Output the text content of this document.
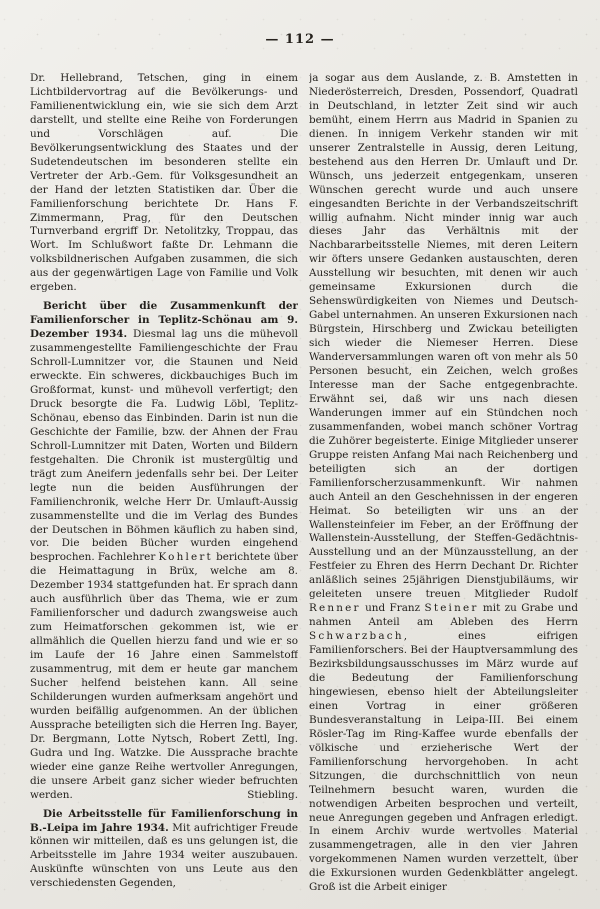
— 112 —

Dr. Hellebrand, Tetschen, ging in einem Lichtbildervortrag auf die Bevölkerungs- und Familienentwicklung ein, wie sie sich dem Arzt darstellt, und stellte eine Reihe von Forderungen und Vorschlägen auf. Die Bevölkerungsentwicklung des Staates und der Sudetendeutschen im besonderen stellte ein Vertreter der Arb.-Gem. für Volksgesundheit an der Hand der letzten Statistiken dar. Über die Familienforschung berichtete Dr. Hans F. Zimmermann, Prag, für den Deutschen Turnverband ergriff Dr. Netolitzky, Troppau, das Wort. Im Schlußwort faßte Dr. Lehmann die volksbildnerischen Aufgaben zusammen, die sich aus der gegenwärtigen Lage von Familie und Volk ergeben.

Bericht über die Zusammenkunft der Familienforscher in Teplitz-Schönau am 9. Dezember 1934. Diesmal lag uns die mühevoll zusammengestellte Familiengeschichte der Frau Schroll-Lumnitzer vor, die Staunen und Neid erweckte. Ein schweres, dickbauchiges Buch im Großformat, kunst- und mühevoll verfertigt; den Druck besorgte die Fa. Ludwig Löbl, Teplitz-Schönau, ebenso das Einbinden. Darin ist nun die Geschichte der Familie, bzw. der Ahnen der Frau Schroll-Lumnitzer mit Daten, Worten und Bildern festgehalten. Die Chronik ist mustergültig und trägt zum Aneifern jedenfalls sehr bei. Der Leiter legte nun die beiden Ausführungen der Familienchronik, welche Herr Dr. Umlauft-Aussig zusammenstellte und die im Verlag des Bundes der Deutschen in Böhmen käuflich zu haben sind, vor. Die beiden Bücher wurden eingehend besprochen. Fachlehrer Kohlert berichtete über die Heimattagung in Brüx, welche am 8. Dezember 1934 stattgefunden hat. Er sprach dann auch ausführlich über das Thema, wie er zum Familienforscher und dadurch zwangsweise auch zum Heimatforschen gekommen ist, wie er allmählich die Quellen hierzu fand und wie er so im Laufe der 16 Jahre einen Sammelstoff zusammentrug, mit dem er heute gar manchem Sucher helfend beistehen kann. All seine Schilderungen wurden aufmerksam angehört und wurden beifällig aufgenommen. An der üblichen Aussprache beteiligten sich die Herren Ing. Bayer, Dr. Bergmann, Lotte Nytsch, Robert Zettl, Ing. Gudra und Ing. Watzke. Die Aussprache brachte wieder eine ganze Reihe wertvoller Anregungen, die unsere Arbeit ganz sicher wieder befruchten werden.	Stiebling.

Die Arbeitsstelle für Familienforschung in B.-Leipa im Jahre 1934. Mit aufrichtiger Freude können wir mitteilen, daß es uns gelungen ist, die Arbeitsstelle im Jahre 1934 weiter auszubauen. Auskünfte wünschten von uns Leute aus den verschiedensten Gegenden,

ja sogar aus dem Auslande, z. B. Amstetten in Niederösterreich, Dresden, Possendorf, Quadratl in Deutschland, in letzter Zeit sind wir auch bemüht, einem Herrn aus Madrid in Spanien zu dienen. In innigem Verkehr standen wir mit unserer Zentralstelle in Aussig, deren Leitung, bestehend aus den Herren Dr. Umlauft und Dr. Wünsch, uns jederzeit entgegenkam, unseren Wünschen gerecht wurde und auch unsere eingesandten Berichte in der Verbandszeitschrift willig aufnahm. Nicht minder innig war auch dieses Jahr das Verhältnis mit der Nachbararbeitsstelle Niemes, mit deren Leitern wir öfters unsere Gedanken austauschten, deren Ausstellung wir besuchten, mit denen wir auch gemeinsame Exkursionen durch die Sehenswürdigkeiten von Niemes und Deutsch-Gabel unternahmen. An unseren Exkursionen nach Bürgstein, Hirschberg und Zwickau beteiligten sich wieder die Niemeser Herren. Diese Wanderversammlungen waren oft von mehr als 50 Personen besucht, ein Zeichen, welch großes Interesse man der Sache entgegenbrachte. Erwähnt sei, daß wir uns nach diesen Wanderungen immer auf ein Stündchen noch zusammenfanden, wobei manch schöner Vortrag die Zuhörer begeisterte. Einige Mitglieder unserer Gruppe reisten Anfang Mai nach Reichenberg und beteiligten sich an der dortigen Familienforscherzusammenkunft. Wir nahmen auch Anteil an den Geschehnissen in der engeren Heimat. So beteiligten wir uns an der Wallensteinfeier im Feber, an der Eröffnung der Wallenstein-Ausstellung, der Steffen-Gedächtnis-Ausstellung und an der Münzausstellung, an der Festfeier zu Ehren des Herrn Dechant Dr. Richter anläßlich seines 25jährigen Dienstjubiläums, wir geleiteten unsere treuen Mitglieder Rudolf Renner und Franz Steiner mit zu Grabe und nahmen Anteil am Ableben des Herrn Schwarzbach, eines eifrigen Familienforschers. Bei der Hauptversammlung des Bezirksbildungsausschusses im März wurde auf die Bedeutung der Familienforschung hingewiesen, ebenso hielt der Abteilungsleiter einen Vortrag in einer größeren Bundesveranstaltung in Leipa-III. Bei einem Rösler-Tag im Ring-Kaffee wurde ebenfalls der völkische und erzieherische Wert der Familienforschung hervorgehoben. In acht Sitzungen, die durchschnittlich von neun Teilnehmern besucht waren, wurden die notwendigen Arbeiten besprochen und verteilt, neue Anregungen gegeben und Anfragen erledigt. In einem Archiv wurde wertvolles Material zusammengetragen, alle in den vier Jahren vorgekommenen Namen wurden verzettelt, über die Exkursionen wurden Gedenkblätter angelegt. Groß ist die Arbeit einiger
